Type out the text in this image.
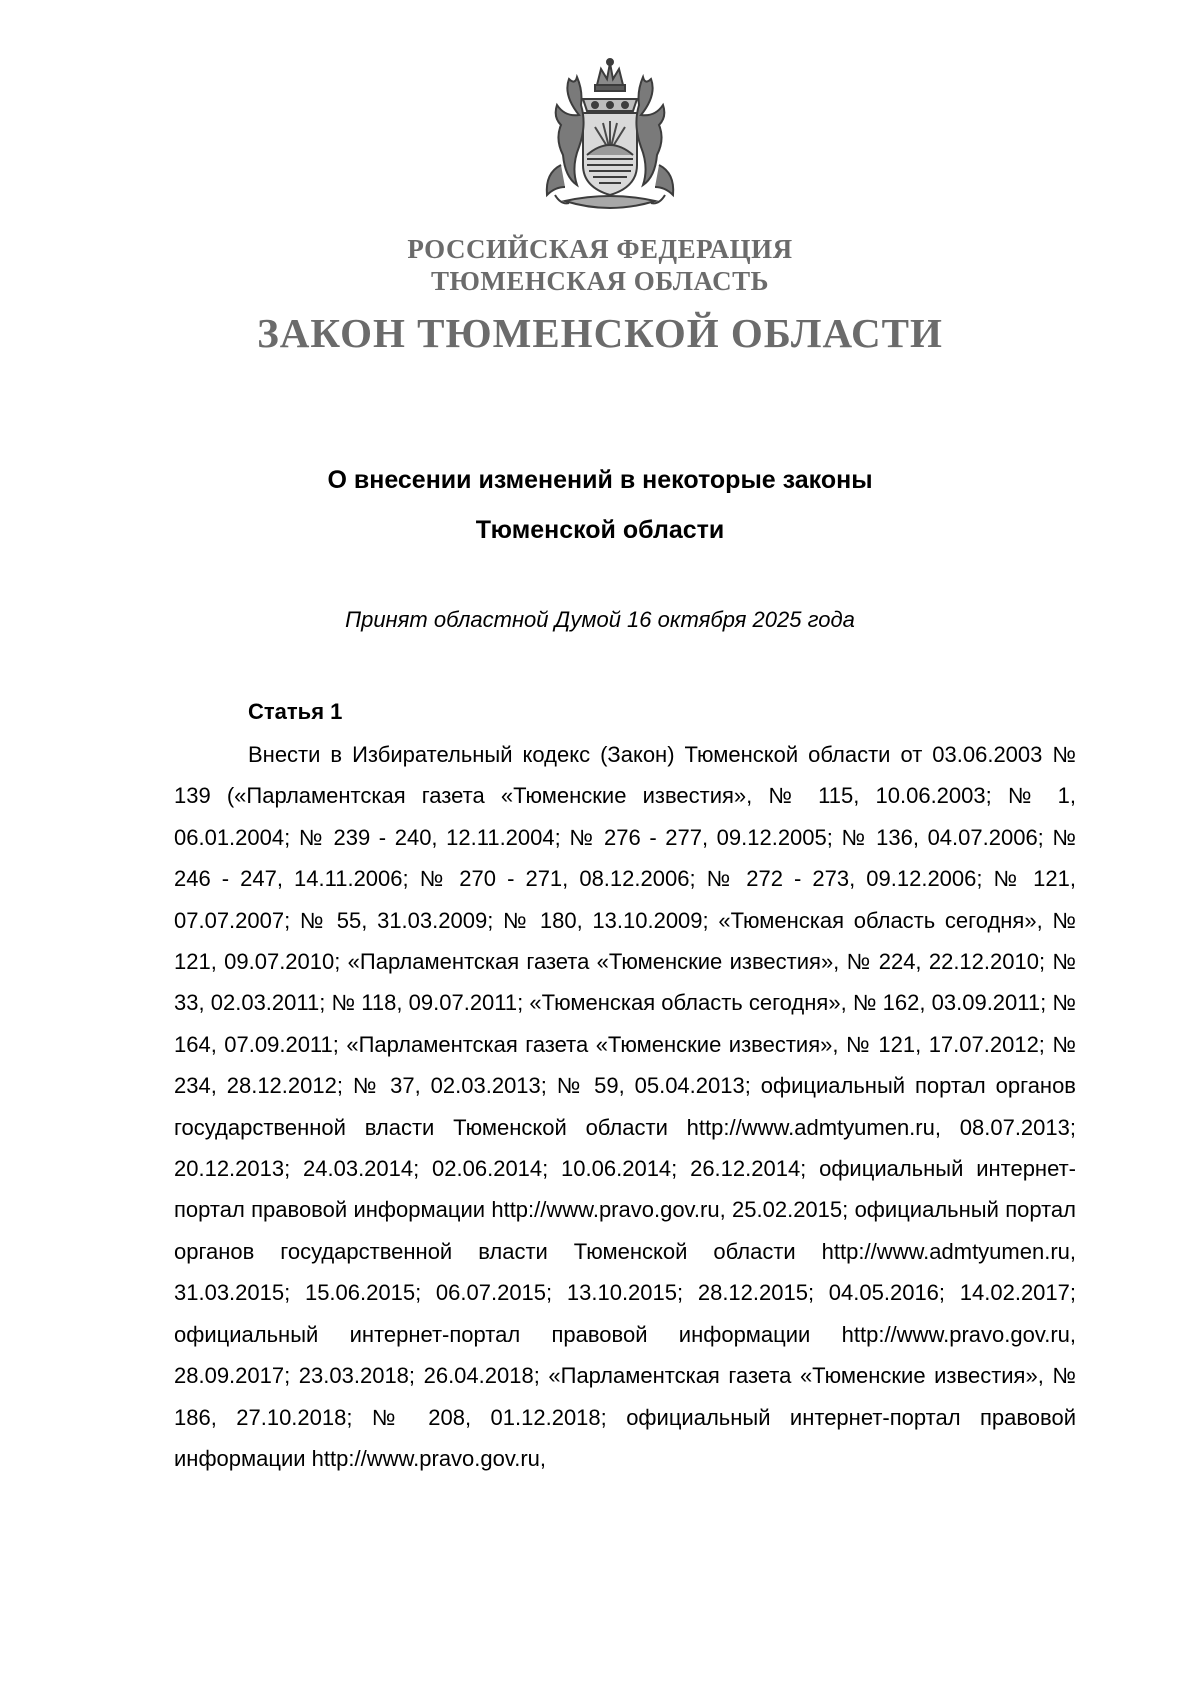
РОССИЙСКАЯ ФЕДЕРАЦИЯ
ТЮМЕНСКАЯ ОБЛАСТЬ
ЗАКОН ТЮМЕНСКОЙ ОБЛАСТИ
О внесении изменений в некоторые законы
Тюменской области
Принят областной Думой 16 октября 2025 года
Статья 1

Внести в Избирательный кодекс (Закон) Тюменской области от 03.06.2003 № 139 («Парламентская газета «Тюменские известия», № 115, 10.06.2003; № 1, 06.01.2004; № 239 - 240, 12.11.2004; № 276 - 277, 09.12.2005; № 136, 04.07.2006; № 246 - 247, 14.11.2006; № 270 - 271, 08.12.2006; № 272 - 273, 09.12.2006; № 121, 07.07.2007; № 55, 31.03.2009; № 180, 13.10.2009; «Тюменская область сегодня», № 121, 09.07.2010; «Парламентская газета «Тюменские известия», № 224, 22.12.2010; № 33, 02.03.2011; № 118, 09.07.2011; «Тюменская область сегодня», № 162, 03.09.2011; № 164, 07.09.2011; «Парламентская газета «Тюменские известия», № 121, 17.07.2012; № 234, 28.12.2012; № 37, 02.03.2013; № 59, 05.04.2013; официальный портал органов государственной власти Тюменской области http://www.admtyumen.ru, 08.07.2013; 20.12.2013; 24.03.2014; 02.06.2014; 10.06.2014; 26.12.2014; официальный интернет-портал правовой информации http://www.pravo.gov.ru, 25.02.2015; официальный портал органов государственной власти Тюменской области http://www.admtyumen.ru, 31.03.2015; 15.06.2015; 06.07.2015; 13.10.2015; 28.12.2015; 04.05.2016; 14.02.2017; официальный интернет-портал правовой информации http://www.pravo.gov.ru, 28.09.2017; 23.03.2018; 26.04.2018; «Парламентская газета «Тюменские известия», № 186, 27.10.2018; № 208, 01.12.2018; официальный интернет-портал правовой информации http://www.pravo.gov.ru,
